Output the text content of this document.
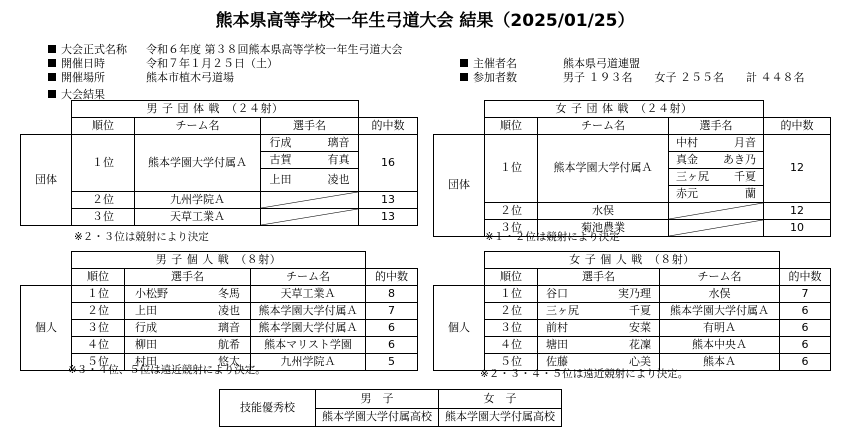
熊本県高等学校一年生弓道大会 結果（2025/01/25）
大会正式名称 令和６年度 第３８回熊本県高等学校一年生弓道大会
開催日時	令和７年１月２５日（土）
開催場所	熊本市植木弓道場
主催者名	熊本県弓道連盟
参加者数	男子 １９３名　　女子 ２５５名　　計 ４４８名
大会結果
	男 子 団 体 戦　（２４射）			
	順位	チーム名	選手名	的中数
団体	１位	熊本学園大学付属Ａ	行成 璃音	16
			古賀 有真	
			上田 凌也	
	２位	九州学院Ａ		13
	３位	天草工業Ａ		13
※２・３位は競射により決定
	女 子 団 体 戦　（２４射）			
	順位	チーム名	選手名	的中数
団体	１位	熊本学園大学付属Ａ	中村 月音	12
			真金 あき乃	
			三ヶ尻 千夏	
			赤元 蘭	
	２位	水俣		12
	３位	菊池農業		10
※１・２位は競射により決定
	男 子 個 人 戦　（８射）			
	順位	選手名	チーム名	的中数
個人	１位	小松野 冬馬	天草工業Ａ	8
	２位	上田 凌也	熊本学園大学付属Ａ	7
	３位	行成 璃音	熊本学園大学付属Ａ	6
	４位	柳田 航希	熊本マリスト学園	6
	５位	村田 悠太	九州学院Ａ	5
※３・４位、５位は遠近競射により決定。
	女 子 個 人 戦　（８射）			
	順位	選手名	チーム名	的中数
個人	１位	谷口 実乃理	水俣	7
	２位	三ヶ尻 千夏	熊本学園大学付属Ａ	6
	３位	前村 安菜	有明Ａ	6
	４位	塘田 花凜	熊本中央Ａ	6
	５位	佐藤 心美	熊本Ａ	6
※２・３・４・５位は遠近競射により決定。
技能優秀校	男　子	女　子
	熊本学園大学付属高校	熊本学園大学付属高校
